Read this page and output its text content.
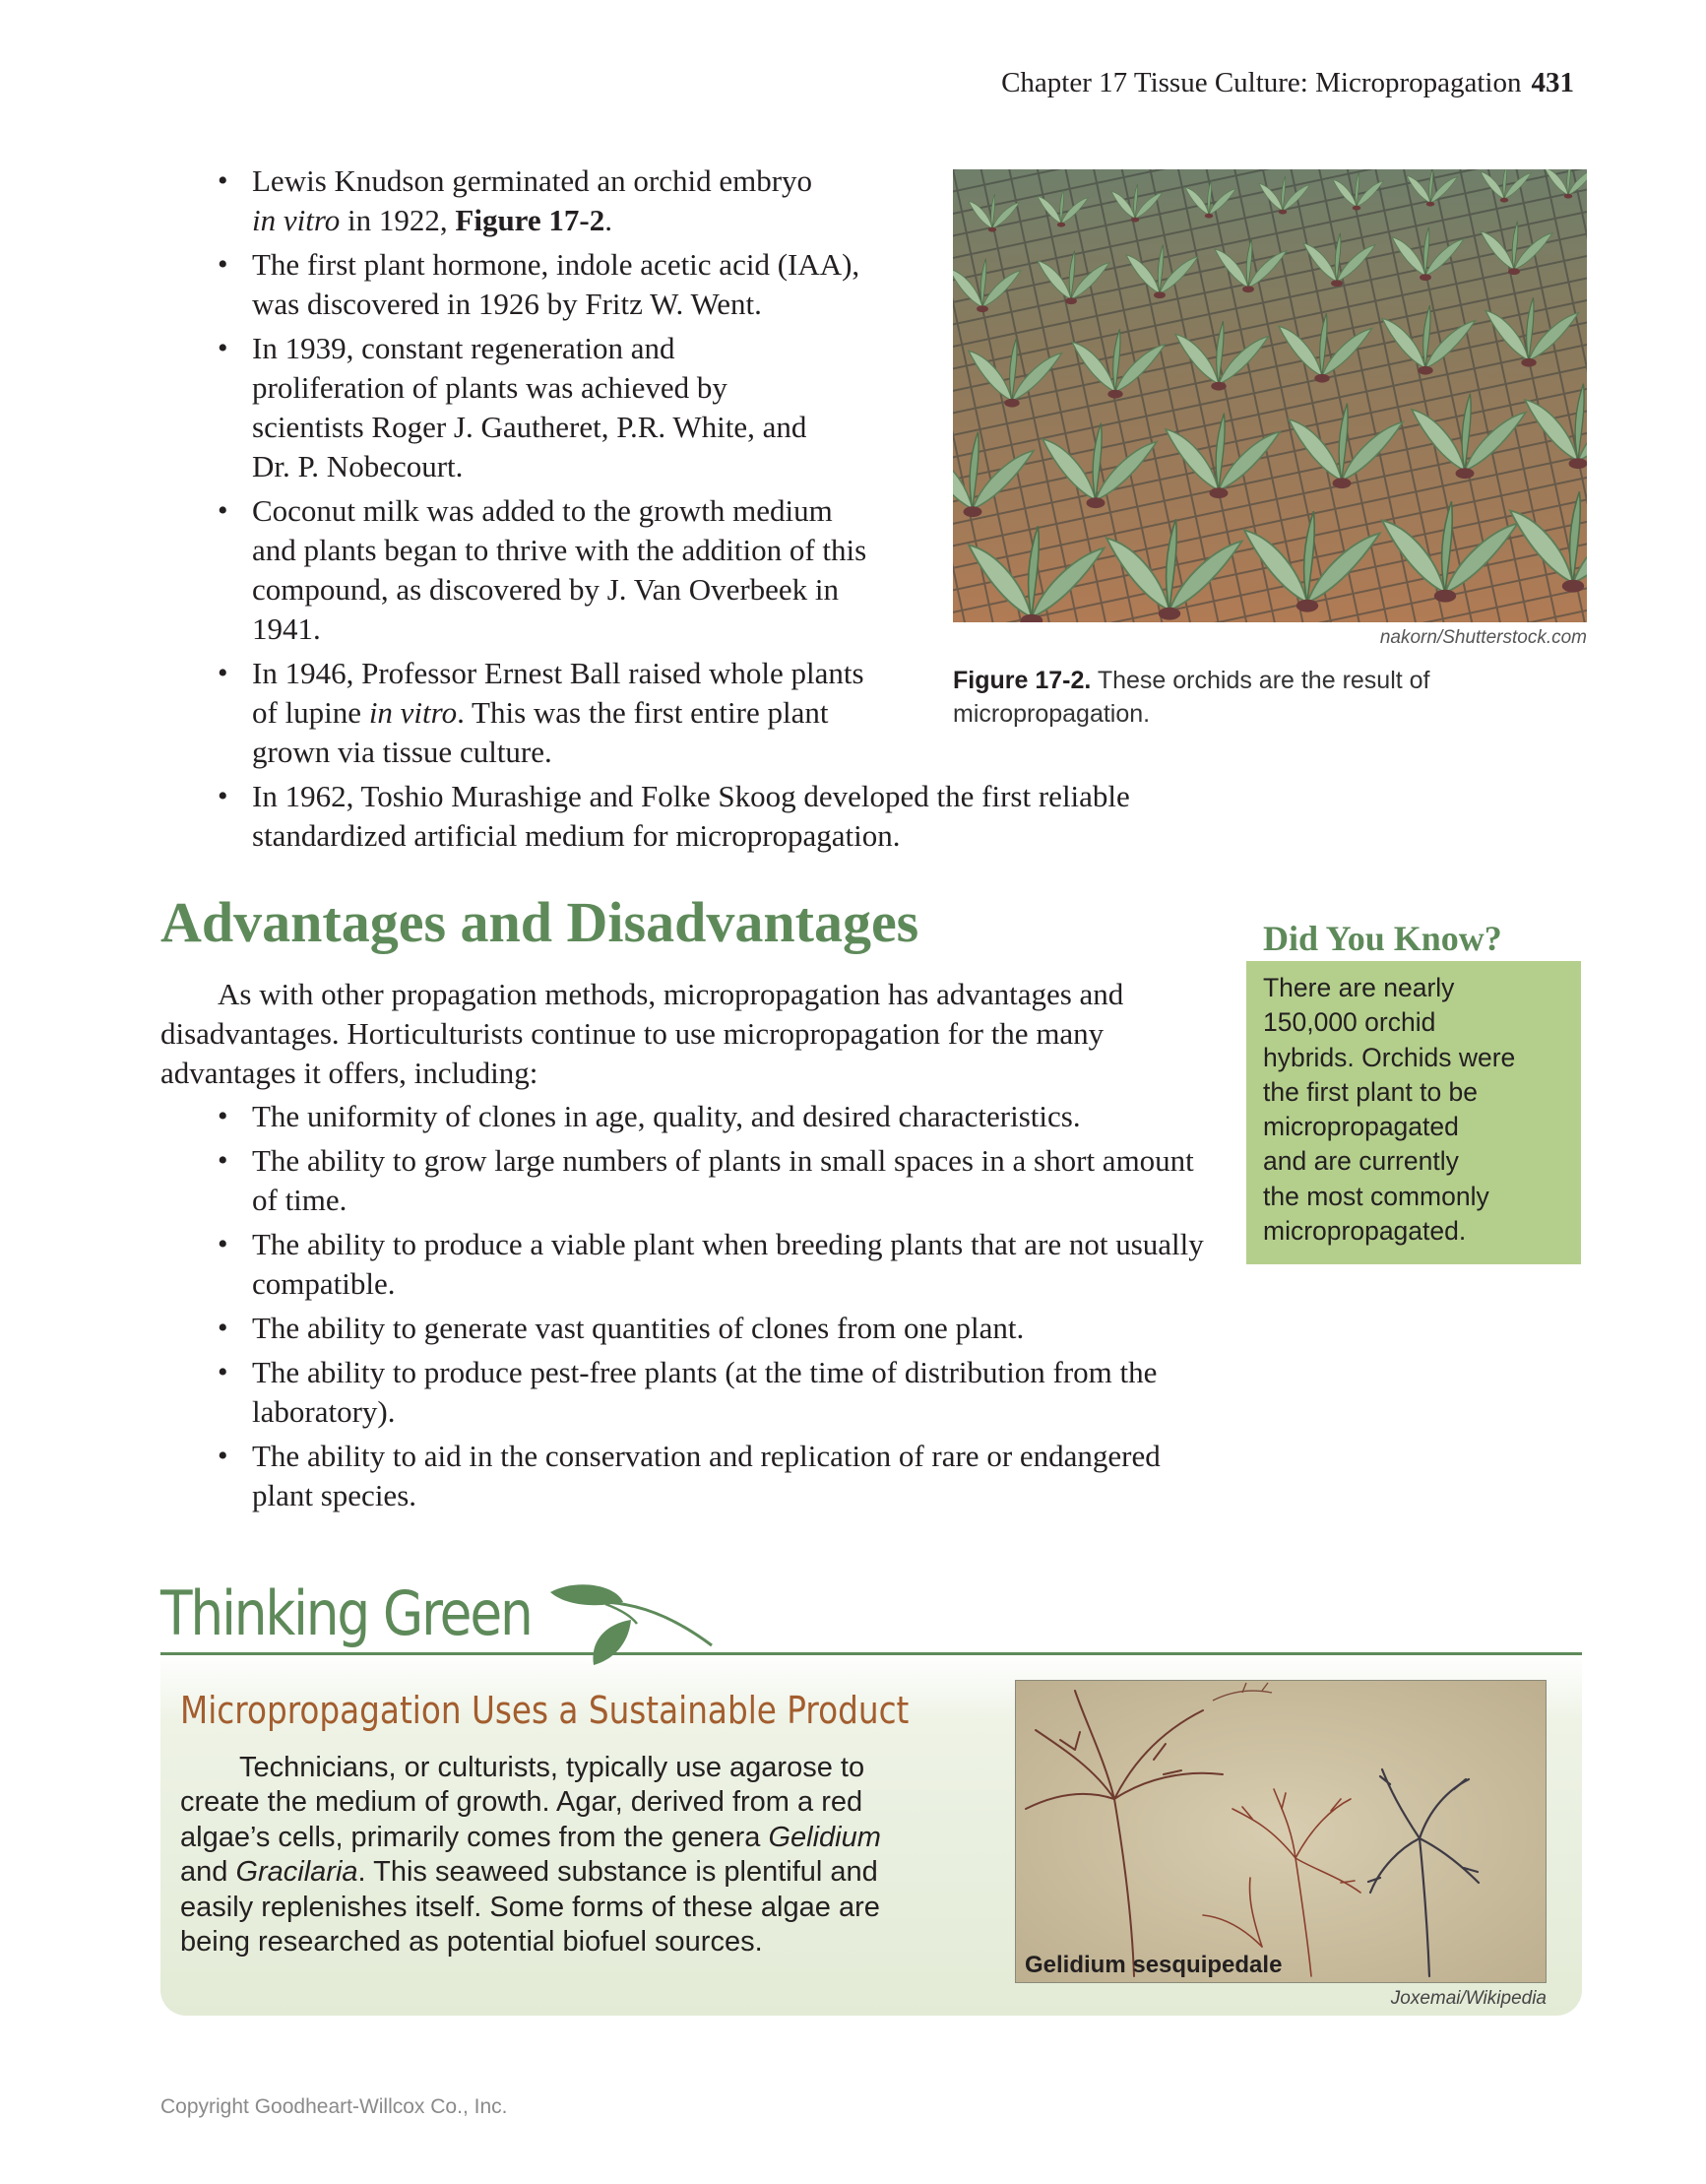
Chapter 17 Tissue Culture: Micropropagation 431
• Lewis Knudson germinated an orchid embryo
in vitro in 1922, Figure 17-2.
• The first plant hormone, indole acetic acid (IAA), was discovered in 1926 by Fritz W. Went.
• In 1939, constant regeneration and proliferation of plants was achieved by scientists Roger J. Gautheret, P.R. White, and Dr. P. Nobecourt.
• Coconut milk was added to the growth medium and plants began to thrive with the addition of this compound, as discovered by J. Van Overbeek in 1941.
• In 1946, Professor Ernest Ball raised whole plants of lupine in vitro. This was the first entire plant grown via tissue culture.
• In 1962, Toshio Murashige and Folke Skoog developed the first reliable standardized artificial medium for micropropagation.
nakorn/Shutterstock.com
Figure 17-2. These orchids are the result of micropropagation.
Advantages and Disadvantages

As with other propagation methods, micropropagation has advantages and disadvantages. Horticulturists continue to use micropropagation for the many advantages it offers, including:

• The uniformity of clones in age, quality, and desired characteristics.
• The ability to grow large numbers of plants in small spaces in a short amount of time.
• The ability to produce a viable plant when breeding plants that are not usually compatible.
• The ability to generate vast quantities of clones from one plant.
• The ability to produce pest-free plants (at the time of distribution from the laboratory).
• The ability to aid in the conservation and replication of rare or endangered plant species.
Did You Know?

There are nearly

150,000 orchid

hybrids. Orchids were

the first plant to be

micropropagated

and are currently

the most commonly

micropropagated.

Thinking Green
Micropropagation Uses a Sustainable Product

Technicians, or culturists, typically use agarose to create the medium of growth. Agar, derived from a red algae’s cells, primarily comes from the genera Gelidium and Gracilaria. This seaweed substance is plentiful and easily replenishes itself. Some forms of these algae are being researched as potential biofuel sources.

Gelidium sesquipedale
Joxemai/Wikipedia
Copyright Goodheart-Willcox Co., Inc.
